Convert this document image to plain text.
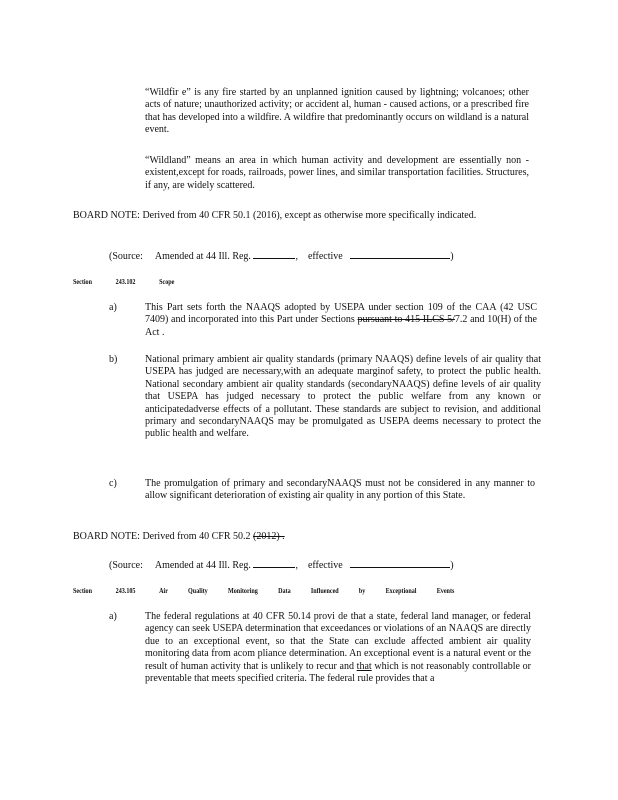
“Wildfir e” is any fire started by an unplanned ignition caused by lightning; volcanoes; other acts of nature; unauthorized activity; or accident al, human - caused actions, or a prescribed fire that has developed into a wildfire. A wildfire that predominantly occurs on wildland is a natural event.

“Wildland” means an area in which human activity and development are essentially non -existent,except for roads, railroads, power lines, and similar transportation facilities. Structures, if any, are widely scattered.

BOARD NOTE: Derived from 40 CFR 50.1 (2016), except as otherwise more specifically indicated.

(Source: Amended at 44 Ill. Reg.	,    effective	)
Section	243.102	Scope
a)	This Part sets forth the NAAQS adopted by USEPA under section 109 of the CAA (42 USC 7409) and incorporated into this Part under Sections pursuant to 415 ILCS 5/7.2 and 10(H) of the Act .

b)	National primary ambient air quality standards (primary NAAQS) define levels of air quality that USEPA has judged are necessary,with an adequate marginof safety, to protect the public health. National secondary ambient air quality standards (secondaryNAAQS) define levels of air quality that USEPA has judged necessary to protect the public welfare from any known or anticipatedadverse effects of a pollutant. These standards are subject to revision, and additional primary and secondaryNAAQS may be promulgated as USEPA deems necessary to protect the public health and welfare.

c)	The promulgation of primary and secondaryNAAQS must not be considered in any manner to allow significant deterioration of existing air quality in any portion of this State.

BOARD NOTE: Derived from 40 CFR 50.2 (2012) .

(Source: Amended at 44 Ill. Reg.	,    effective	)
Section	243.105	Air Quality Monitoring Data Influenced by Exceptional Events
a)	The federal regulations at 40 CFR 50.14 provi de that a state, federal land manager, or federal agency can seek USEPA determination that exceedances or violations of an NAAQS are directly due to an exceptional event, so that the State can exclude affected ambient air quality monitoring data from acom pliance determination. An exceptional event is a natural event or the result of human activity that is unlikely to recur and that which is not reasonably controllable or preventable that meets specified criteria. The federal rule provides that a
